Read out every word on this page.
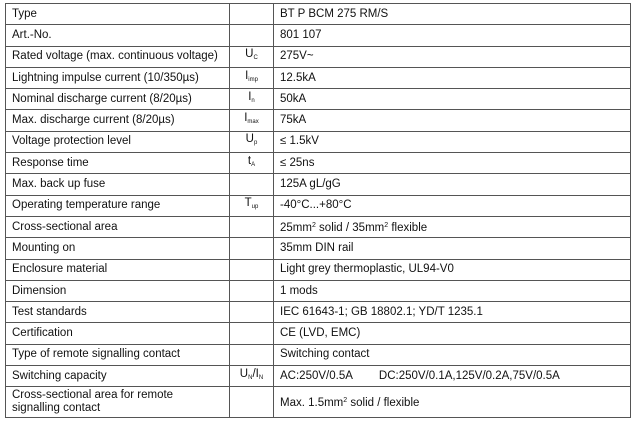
Type		BT P BCM 275 RM/S
Art.-No.		801 107
Rated voltage (max. continuous voltage)	UC	275V~
Lightning impulse current (10/350µs)	Iimp	12.5kA
Nominal discharge current (8/20µs)	In	50kA
Max. discharge current (8/20µs)	Imax	75kA
Voltage protection level	Up	≤ 1.5kV
Response time	tA	≤ 25ns
Max. back up fuse		125A gL/gG
Operating temperature range	Tup	-40°C...+80°C
Cross-sectional area		$25mm^2$ solid / $35mm^2$ flexible
Mounting on		35mm DIN rail
Enclosure material		Light grey thermoplastic, UL94-V0
Dimension		1 mods
Test standards		IEC 61643-1; GB 18802.1; YD/T 1235.1
Certification		CE (LVD, EMC)
Type of remote signalling contact		Switching contact
Switching capacity	UN/IN	AC:250V/0.5A DC:250V/0.1A,125V/0.2A,75V/0.5A
Cross-sectional area for remote signalling contact		Max. $1.5mm^2$ solid / flexible
